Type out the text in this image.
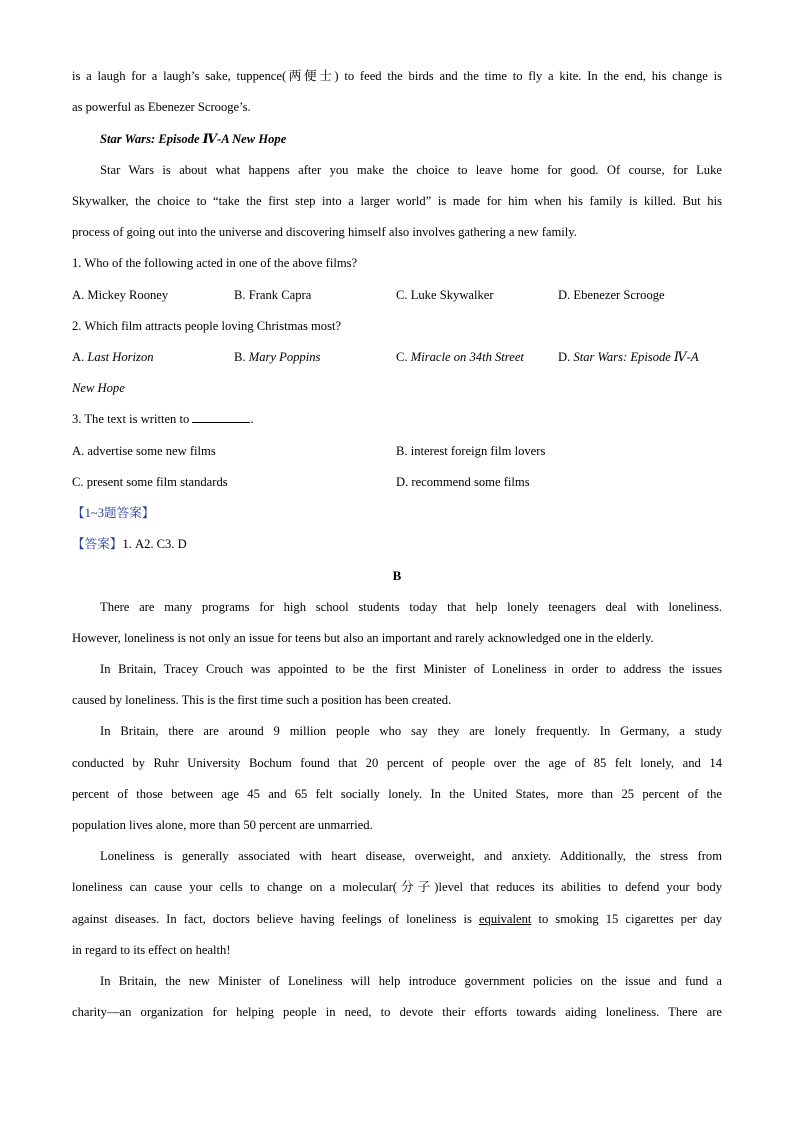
is a laugh for a laugh’s sake, tuppence(两便士) to feed the birds and the time to fly a kite. In the end, his change is
as powerful as Ebenezer Scrooge’s.
Star Wars: Episode Ⅳ-A New Hope
Star Wars is about what happens after you make the choice to leave home for good. Of course, for Luke
Skywalker, the choice to “take the first step into a larger world” is made for him when his family is killed. But his
process of going out into the universe and discovering himself also involves gathering a new family.
1. Who of the following acted in one of the above films?
A. Mickey Rooney	B. Frank Capra	C. Luke Skywalker	D. Ebenezer Scrooge
2. Which film attracts people loving Christmas most?
A. Last Horizon	B. Mary Poppins	C. Miracle on 34th Street	D. Star Wars: Episode Ⅳ-A
New Hope
3. The text is written to	.
A. advertise some new films	B. interest foreign film lovers
C. present some film standards	D. recommend some films
【1~3题答案】
【答案】1. A2. C3. D
B
There are many programs for high school students today that help lonely teenagers deal with loneliness.
However, loneliness is not only an issue for teens but also an important and rarely acknowledged one in the elderly.
In Britain, Tracey Crouch was appointed to be the first Minister of Loneliness in order to address the issues
caused by loneliness. This is the first time such a position has been created.
In Britain, there are around 9 million people who say they are lonely frequently. In Germany, a study
conducted by Ruhr University Bochum found that 20 percent of people over the age of 85 felt lonely, and 14
percent of those between age 45 and 65 felt socially lonely. In the United States, more than 25 percent of the
population lives alone, more than 50 percent are unmarried.
Loneliness is generally associated with heart disease, overweight, and anxiety. Additionally, the stress from
loneliness can cause your cells to change on a molecular(分子)level that reduces its abilities to defend your body
against diseases. In fact, doctors believe having feelings of loneliness is equivalent to smoking 15 cigarettes per day
in regard to its effect on health!
In Britain, the new Minister of Loneliness will help introduce government policies on the issue and fund a
charity—an organization for helping people in need, to devote their efforts towards aiding loneliness. There are
